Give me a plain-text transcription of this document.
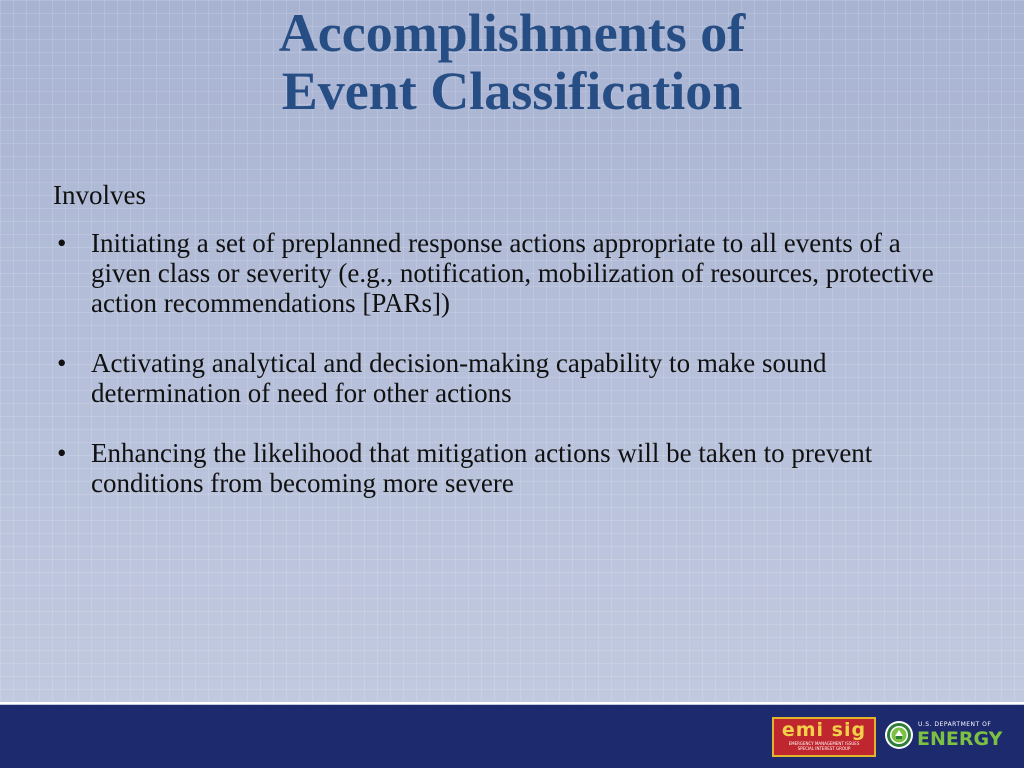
Accomplishments of
Event Classification

Involves

• Initiating a set of preplanned response actions appropriate to all events of a given class or severity (e.g., notification, mobilization of resources, protective action recommendations [PARs])
• Activating analytical and decision-making capability to make sound determination of need for other actions
• Enhancing the likelihood that mitigation actions will be taken to prevent conditions from becoming more severe
emi sig
EMERGENCY MANAGEMENT ISSUES
SPECIAL INTEREST GROUP
U.S. DEPARTMENT OF
ENERGY
